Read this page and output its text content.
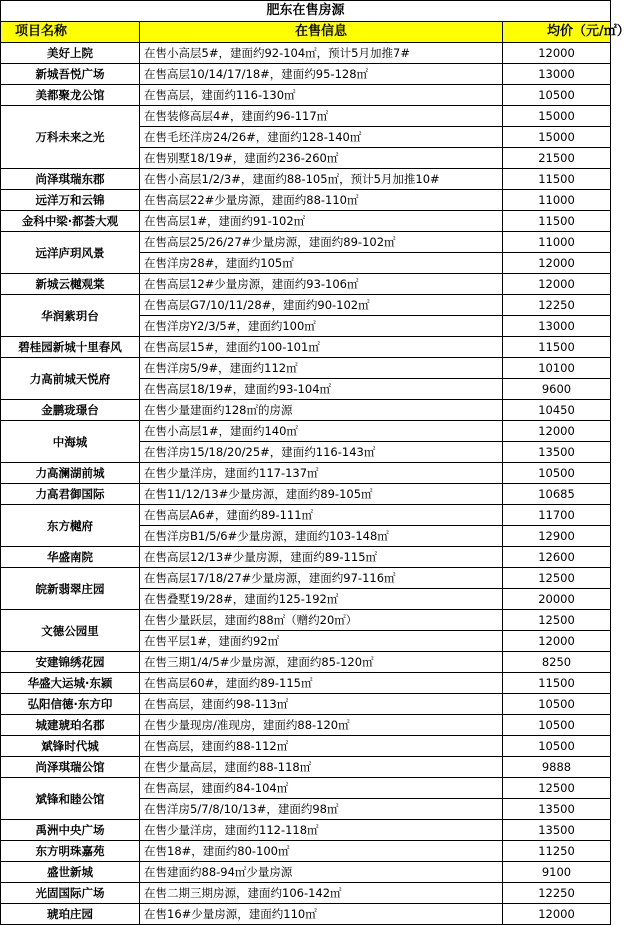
肥东在售房源		
项目名称	在售信息	均价（元/㎡）
美好上院	在售小高层5#，建面约92-104㎡，预计5月加推7#	12000
新城吾悦广场	在售高层10/14/17/18#，建面约95-128㎡	13000
美都聚龙公馆	在售高层，建面约116-130㎡	10500
万科未来之光	在售装修高层4#，建面约96-117㎡	15000
	在售毛坯洋房24/26#，建面约128-140㎡	15000
	在售别墅18/19#，建面约236-260㎡	21500
尚泽琪瑞东郡	在售小高层1/2/3#，建面约88-105㎡，预计5月加推10#	11500
远洋万和云锦	在售高层22#少量房源，建面约88-110㎡	11000
金科中梁·都荟大观	在售高层1#，建面约91-102㎡	11500
远洋庐玥风景	在售高层25/26/27#少量房源，建面约89-102㎡	11000
	在售洋房28#，建面约105㎡	12000
新城云樾观棠	在售高层12#少量房源，建面约93-106㎡	12000
华润紫玥台	在售高层G7/10/11/28#，建面约90-102㎡	12250
	在售洋房Y2/3/5#，建面约100㎡	13000
碧桂园新城十里春风	在售高层15#，建面约100-101㎡	11500
力高前城天悦府	在售洋房5/9#，建面约112㎡	10100
	在售高层18/19#，建面约93-104㎡	9600
金鹏珑璟台	在售少量建面约128㎡的房源	10450
中海城	在售小高层1#，建面约140㎡	12000
	在售洋房15/18/20/25#，建面约116-143㎡	13500
力高澜湖前城	在售少量洋房，建面约117-137㎡	10500
力高君御国际	在售11/12/13#少量房源，建面约89-105㎡	10685
东方樾府	在售高层A6#，建面约89-111㎡	11700
	在售洋房B1/5/6#少量房源，建面约103-148㎡	12900
华盛南院	在售高层12/13#少量房源，建面约89-115㎡	12600
皖新翡翠庄园	在售高层17/18/27#少量房源，建面约97-116㎡	12500
	在售叠墅19/28#，建面约125-192㎡	20000
文德公园里	在售少量跃层，建面约88㎡（赠约20㎡）	12500
	在售平层1#，建面约92㎡	12000
安建锦绣花园	在售三期1/4/5#少量房源，建面约85-120㎡	8250
华盛大运城·东颍	在售高层60#，建面约89-115㎡	11500
弘阳信德·东方印	在售高层，建面约98-113㎡	10500
城建琥珀名郡	在售少量现房/准现房，建面约88-120㎡	10500
斌锋时代城	在售高层，建面约88-112㎡	10500
尚泽琪瑞公馆	在售少量高层，建面约88-118㎡	9888
斌锋和睦公馆	在售高层，建面约84-104㎡	12500
	在售洋房5/7/8/10/13#，建面约98㎡	13500
禹洲中央广场	在售少量洋房，建面约112-118㎡	13500
东方明珠嘉苑	在售18#，建面约80-100㎡	11250
盛世新城	在售建面约88-94㎡少量房源	9100
光固国际广场	在售二期三期房源，建面约106-142㎡	12250
琥珀庄园	在售16#少量房源，建面约110㎡	12000
